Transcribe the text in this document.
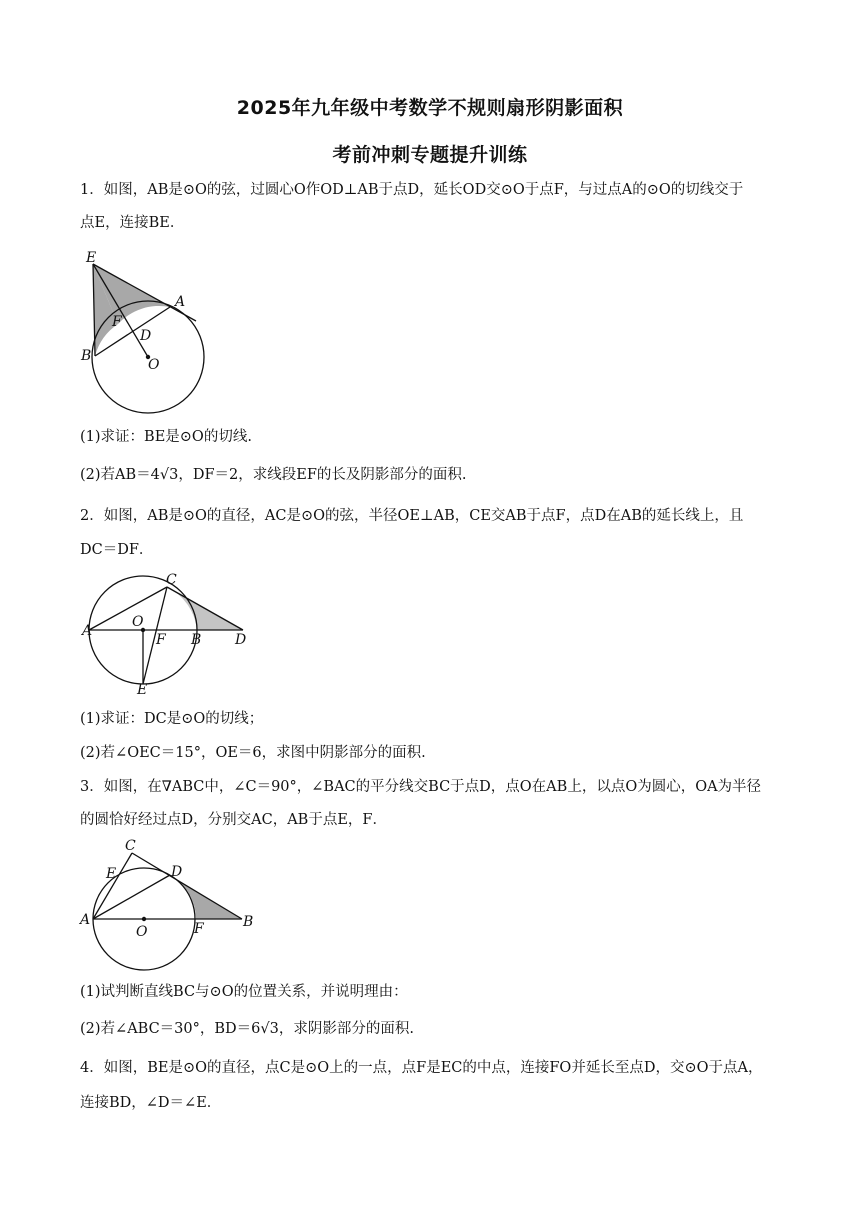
2025年九年级中考数学不规则扇形阴影面积
考前冲刺专题提升训练
1．如图，AB是⊙O的弦，过圆心O作OD⊥AB于点D，延长OD交⊙O于点F，与过点A的⊙O的切线交于
点E，连接BE．
E
A
F
D
B
O
(1)求证：BE是⊙O的切线.
(2)若AB＝4√3，DF＝2，求线段EF的长及阴影部分的面积.
2．如图，AB是⊙O的直径，AC是⊙O的弦，半径OE⊥AB，CE交AB于点F，点D在AB的延长线上，且
DC＝DF．
C
A
O
F B D
E
(1)求证：DC是⊙O的切线；
(2)若∠OEC＝15°，OE＝6，求图中阴影部分的面积.
3．如图，在∇ABC中，∠C＝90°，∠BAC的平分线交BC于点D，点O在AB上，以点O为圆心，OA为半径
的圆恰好经过点D，分别交AC，AB于点E，F．
C
E	D
A
O	F	B
(1)试判断直线BC与⊙O的位置关系，并说明理由：
(2)若∠ABC＝30°，BD＝6√3，求阴影部分的面积.
4．如图，BE是⊙O的直径，点C是⊙O上的一点，点F是EC的中点，连接FO并延长至点D，交⊙O于点A，
连接BD，∠D＝∠E．
